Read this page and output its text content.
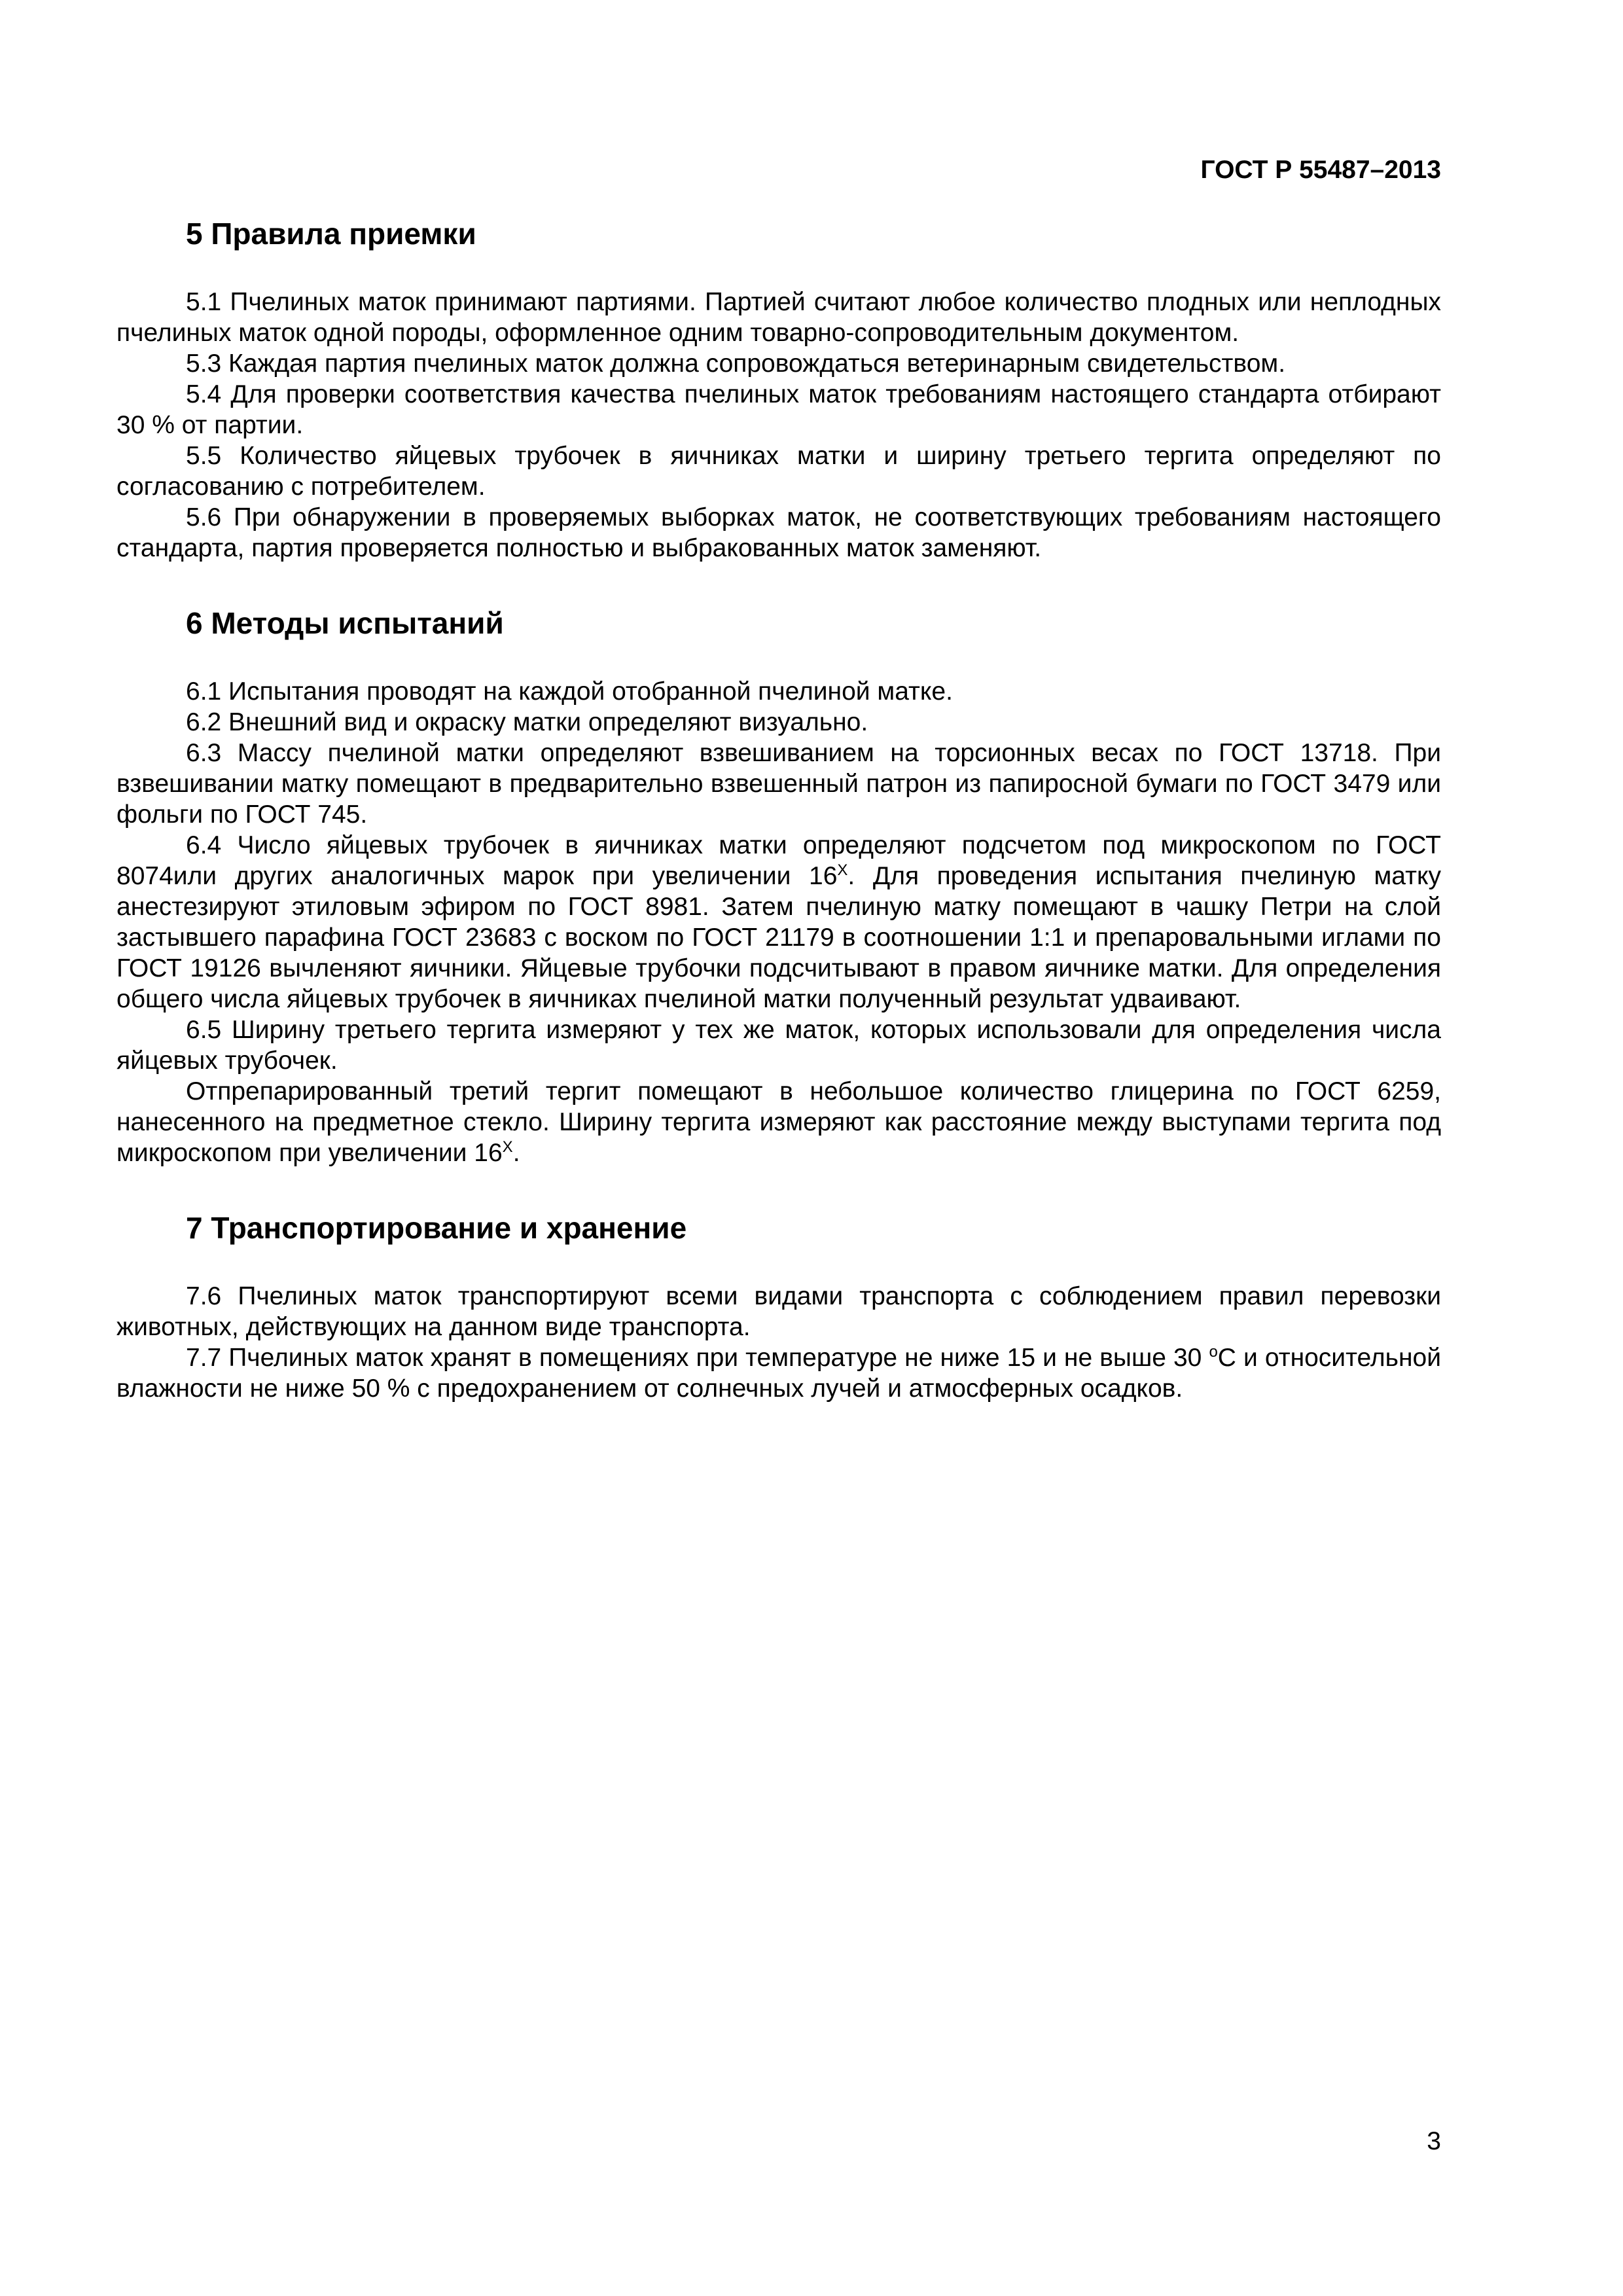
ГОСТ Р 55487–2013
5 Правила приемки

5.1 Пчелиных маток принимают партиями. Партией считают любое количество плодных или неплодных пчелиных маток одной породы, оформленное одним товарно-сопроводительным документом.

5.3 Каждая партия пчелиных маток должна сопровождаться ветеринарным свидетельством.

5.4 Для проверки соответствия качества пчелиных маток требованиям настоящего стандарта отбирают 30 % от партии.

5.5 Количество яйцевых трубочек в яичниках матки и ширину третьего тергита определяют по согласованию с потребителем.

5.6 При обнаружении в проверяемых выборках маток, не соответствующих требованиям настоящего стандарта, партия проверяется полностью и выбракованных маток заменяют.

6 Методы испытаний

6.1 Испытания проводят на каждой отобранной пчелиной матке.

6.2 Внешний вид и окраску матки определяют визуально.

6.3 Массу пчелиной матки определяют взвешиванием на торсионных весах по ГОСТ 13718. При взвешивании матку помещают в предварительно взвешенный патрон из папиросной бумаги по ГОСТ 3479 или фольги по ГОСТ 745.

6.4 Число яйцевых трубочек в яичниках матки определяют подсчетом под микроскопом по ГОСТ 8074или других аналогичных марок при увеличении $16^Х$. Для проведения испытания пчелиную матку анестезируют этиловым эфиром по ГОСТ 8981. Затем пчелиную матку помещают в чашку Петри на слой застывшего парафина ГОСТ 23683 с воском по ГОСТ 21179 в соотношении 1:1 и препаровальными иглами по ГОСТ 19126 вычленяют яичники. Яйцевые трубочки подсчитывают в правом яичнике матки. Для определения общего числа яйцевых трубочек в яичниках пчелиной матки полученный результат удваивают.

6.5 Ширину третьего тергита измеряют у тех же маток, которых использовали для определения числа яйцевых трубочек.

Отпрепарированный третий тергит помещают в небольшое количество глицерина по ГОСТ 6259, нанесенного на предметное стекло. Ширину тергита измеряют как расстояние между выступами тергита под микроскопом при увеличении $16^Х$.

7 Транспортирование и хранение

7.6 Пчелиных маток транспортируют всеми видами транспорта с соблюдением правил перевозки животных, действующих на данном виде транспорта.

7.7 Пчелиных маток хранят в помещениях при температуре не ниже 15 и не выше 30 $^о$С и относительной влажности не ниже 50 % с предохранением от солнечных лучей и атмосферных осадков.

3
